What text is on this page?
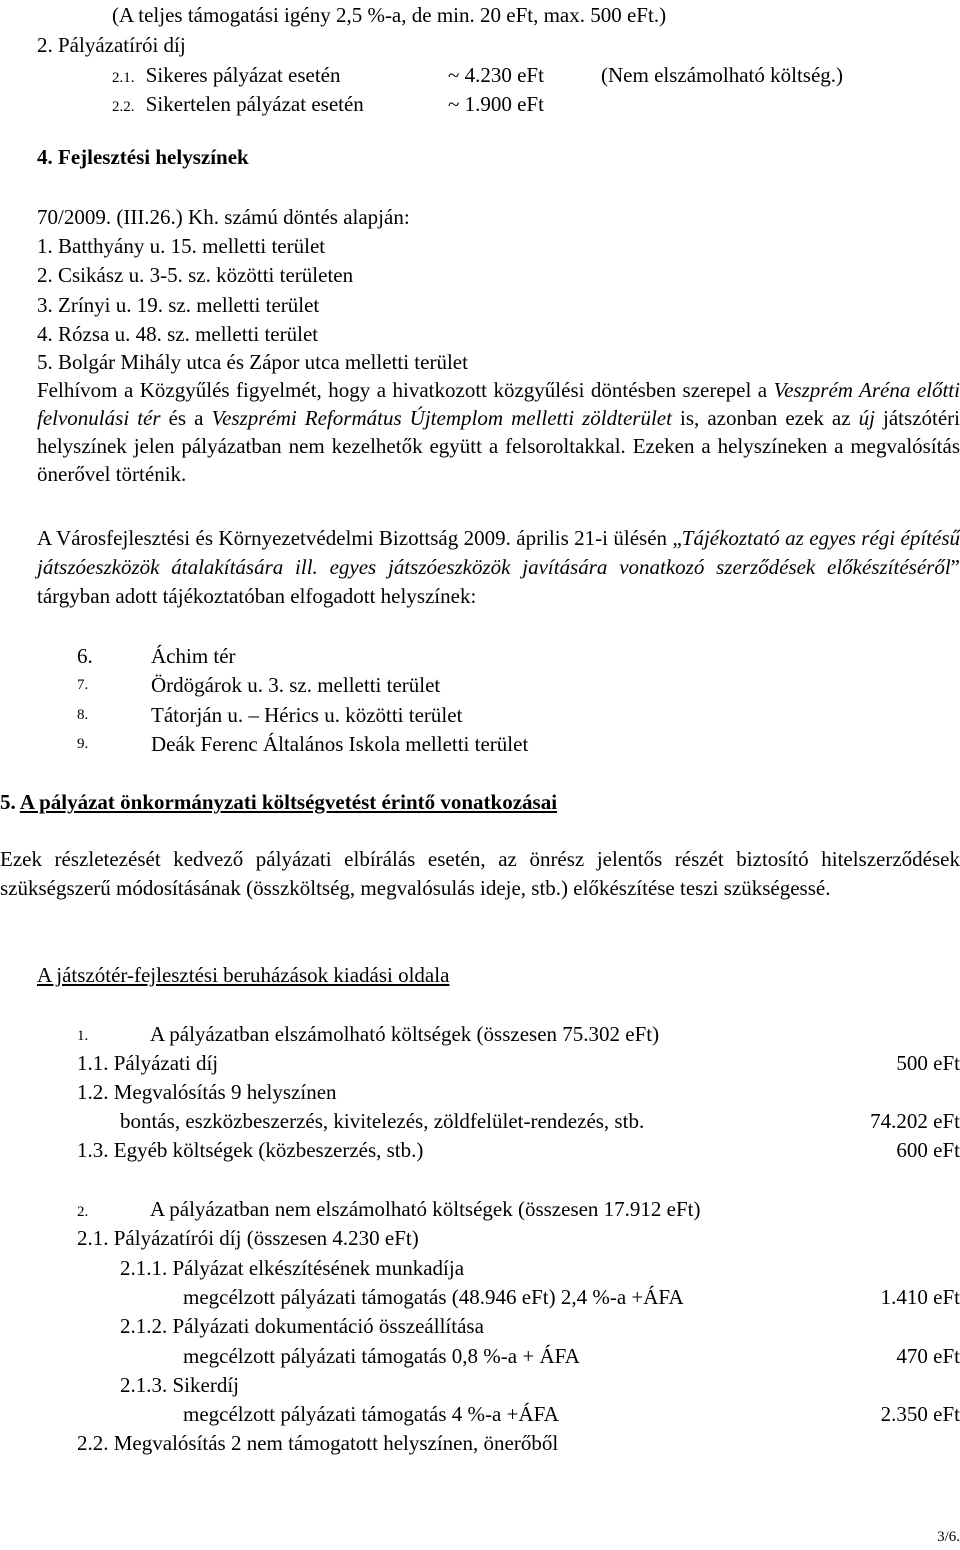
(A teljes támogatási igény 2,5 %-a, de min. 20 eFt, max. 500 eFt.)
2. Pályázatírói díj
2.1. Sikeres pályázat esetén	~ 4.230 eFt	(Nem elszámolható költség.)
2.2. Sikertelen pályázat esetén	~ 1.900 eFt
4. Fejlesztési helyszínek
70/2009. (III.26.) Kh. számú döntés alapján:
1. Batthyány u. 15. melletti terület
2. Csikász u. 3-5. sz. közötti területen
3. Zrínyi u. 19. sz. melletti terület
4. Rózsa u. 48. sz. melletti terület
5. Bolgár Mihály utca és Zápor utca melletti terület
Felhívom a Közgyűlés figyelmét, hogy a hivatkozott közgyűlési döntésben szerepel a Veszprém Aréna előtti felvonulási tér és a Veszprémi Református Újtemplom melletti zöldterület is, azonban ezek az új játszótéri helyszínek jelen pályázatban nem kezelhetők együtt a felsoroltakkal. Ezeken a helyszíneken a megvalósítás önerővel történik.
A Városfejlesztési és Környezetvédelmi Bizottság 2009. április 21-i ülésén „Tájékoztató az egyes régi építésű játszóeszközök átalakítására ill. egyes játszóeszközök javítására vonatkozó szerződések előkészítéséről” tárgyban adott tájékoztatóban elfogadott helyszínek:
6.	Áchim tér
7.	Ördögárok u. 3. sz. melletti terület
8.	Tátorján u. – Hérics u. közötti terület
9.	Deák Ferenc Általános Iskola melletti terület
5. A pályázat önkormányzati költségvetést érintő vonatkozásai
Ezek részletezését kedvező pályázati elbírálás esetén, az önrész jelentős részét biztosító hitelszerződések szükségszerű módosításának (összköltség, megvalósulás ideje, stb.) előkészítése teszi szükségessé.
A játszótér-fejlesztési beruházások kiadási oldala
1.	A pályázatban elszámolható költségek (összesen 75.302 eFt)
1.1. Pályázati díj	500 eFt
1.2. Megvalósítás 9 helyszínen
bontás, eszközbeszerzés, kivitelezés, zöldfelület-rendezés, stb.	74.202 eFt
1.3. Egyéb költségek (közbeszerzés, stb.)	600 eFt
2.	A pályázatban nem elszámolható költségek (összesen 17.912 eFt)
2.1. Pályázatírói díj (összesen 4.230 eFt)
2.1.1. Pályázat elkészítésének munkadíja
megcélzott pályázati támogatás (48.946 eFt) 2,4 %-a +ÁFA	1.410 eFt
2.1.2. Pályázati dokumentáció összeállítása
megcélzott pályázati támogatás 0,8 %-a + ÁFA	470 eFt
2.1.3. Sikerdíj
megcélzott pályázati támogatás 4 %-a +ÁFA	2.350 eFt
2.2. Megvalósítás 2 nem támogatott helyszínen, önerőből
3/6.
